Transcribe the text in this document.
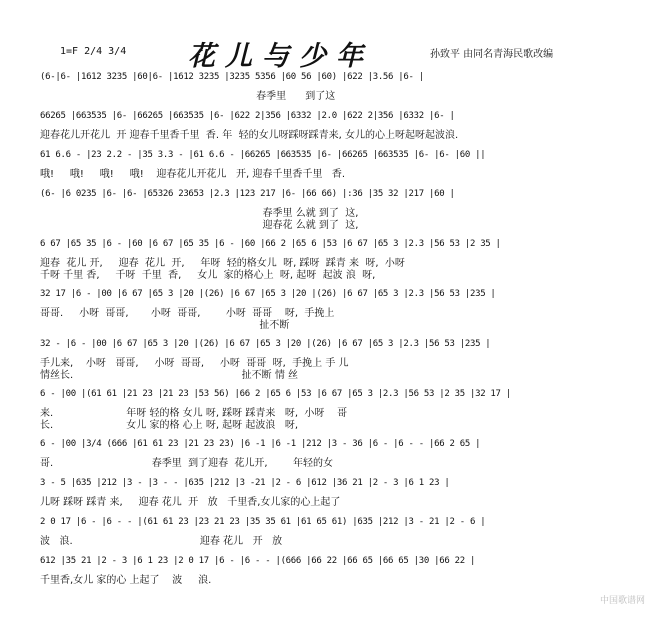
1=F 2/4 3/4 花儿与少年	孙致平 由同名青海民歌改编
(6-|6- |1612 3235 |60|6- |1612 3235 |3235 5356 |60 56 |60) |622 |3.56 |6- |
春季里      到了这
66265 |663535 |6- |66265 |663535 |6- |622 2|356 |6332 |2.0 |622 2|356 |6332 |6- |
迎春花儿开花儿  开 迎春千里香千里  香. 年  轻的女儿呀踩呀踩青来, 女儿的心上呀起呀起波浪.
61 6.6 - |23 2.2 - |35 3.3 - |61 6.6 - |66265 |663535 |6- |66265 |663535 |6- |6- |60 ||
哦!     哦!     哦!     哦!    迎春花儿开花儿   开, 迎春千里香千里   香.
(6- |6 0235 |6- |6- |65326 23653 |2.3 |123 217 |6- |66 66) |:36 |35 32 |217 |60 |
春季里 么就 到了  这,
迎春花 么就 到了  这,
6 67 |65 35 |6 - |60 |6 67 |65 35 |6 - |60 |66 2 |65 6 |53 |6 67 |65 3 |2.3 |56 53 |2 35 |
迎春  花儿 开,     迎春  花儿  开,     年呀  轻的格女儿  呀, 踩呀  踩青 来  呀,  小呀
千呀 千里 香,     千呀  千里  香,     女儿  家的格心上  呀, 起呀  起波 浪  呀,
32 17 |6 - |00 |6 67 |65 3 |20 |(26) |6 67 |65 3 |20 |(26) |6 67 |65 3 |2.3 |56 53 |235 |
哥哥.     小呀  哥哥,       小呀  哥哥,        小呀  哥哥    呀,  手挽上
扯不断
32 - |6 - |00 |6 67 |65 3 |20 |(26) |6 67 |65 3 |20 |(26) |6 67 |65 3 |2.3 |56 53 |235 |
手儿来,    小呀   哥哥,     小呀  哥哥,     小呀  哥哥  呀,  手挽上 手 儿
情丝长.                                                     扯不断 情 丝
6 - |00 |(61 61 |21 23 |21 23 |53 56) |66 2 |65 6 |53 |6 67 |65 3 |2.3 |56 53 |2 35 |32 17 |
来.                       年呀 轻的格 女儿 呀, 踩呀 踩青来   呀,  小呀    哥
长.                       女儿 家的格 心上 呀, 起呀 起波浪   呀,
6 - |00 |3/4 (666 |61 61 23 |21 23 23) |6 -1 |6 -1 |212 |3 - 36 |6 - |6 - - |66 2 65 |
哥.                               春季里  到了迎春  花儿开,        年轻的女
3 - 5 |635 |212 |3 - |3 - - |635 |212 |3 -21 |2 - 6 |612 |36 21 |2 - 3 |6 1 23 |
儿呀 踩呀 踩青 来,     迎春 花儿  开   放   千里香,女儿家的心上起了
2 0 17 |6 - |6 - - |(61 61 23 |23 21 23 |35 35 61 |61 65 61) |635 |212 |3 - 21 |2 - 6 |
波   浪.                                        迎春 花儿   开   放
612 |35 21 |2 - 3 |6 1 23 |2 0 17 |6 - |6 - - |(666 |66 22 |66 65 |66 65 |30 |66 22 |
千里香,女儿 家的心 上起了    波     浪.
中国歌谱网
